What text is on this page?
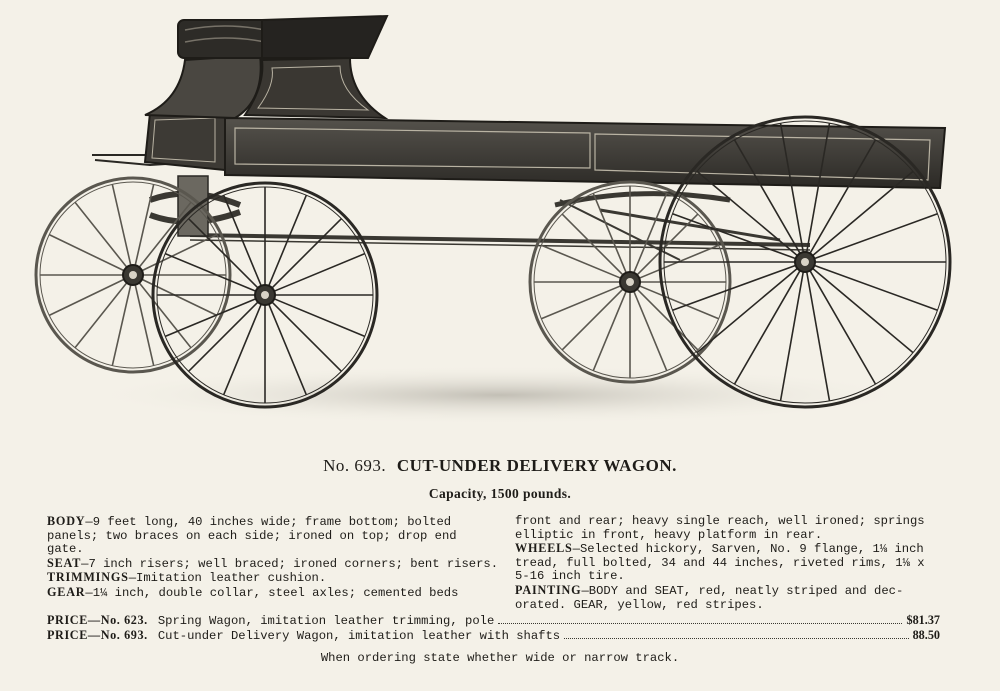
No. 693. CUT-UNDER DELIVERY WAGON.
Capacity, 1500 pounds.
BODY—9 feet long, 40 inches wide; frame bottom; bolted
panels; two braces on each side; ironed on top; drop end
gate.
SEAT—7 inch risers; well braced; ironed corners; bent risers.
TRIMMINGS—Imitation leather cushion.
GEAR—1¼ inch, double collar, steel axles; cemented beds
front and rear; heavy single reach, well ironed; springs
elliptic in front, heavy platform in rear.
WHEELS—Selected hickory, Sarven, No. 9 flange, 1⅛ inch
tread, full bolted, 34 and 44 inches, riveted rims, 1⅛ x
5-16 inch tire.
PAINTING—BODY and SEAT, red, neatly striped and dec-
orated. GEAR, yellow, red stripes.
PRICE—No. 623. Spring Wagon, imitation leather trimming, pole	$81.37
PRICE—No. 693. Cut-under Delivery Wagon, imitation leather with shafts	88.50
When ordering state whether wide or narrow track.
